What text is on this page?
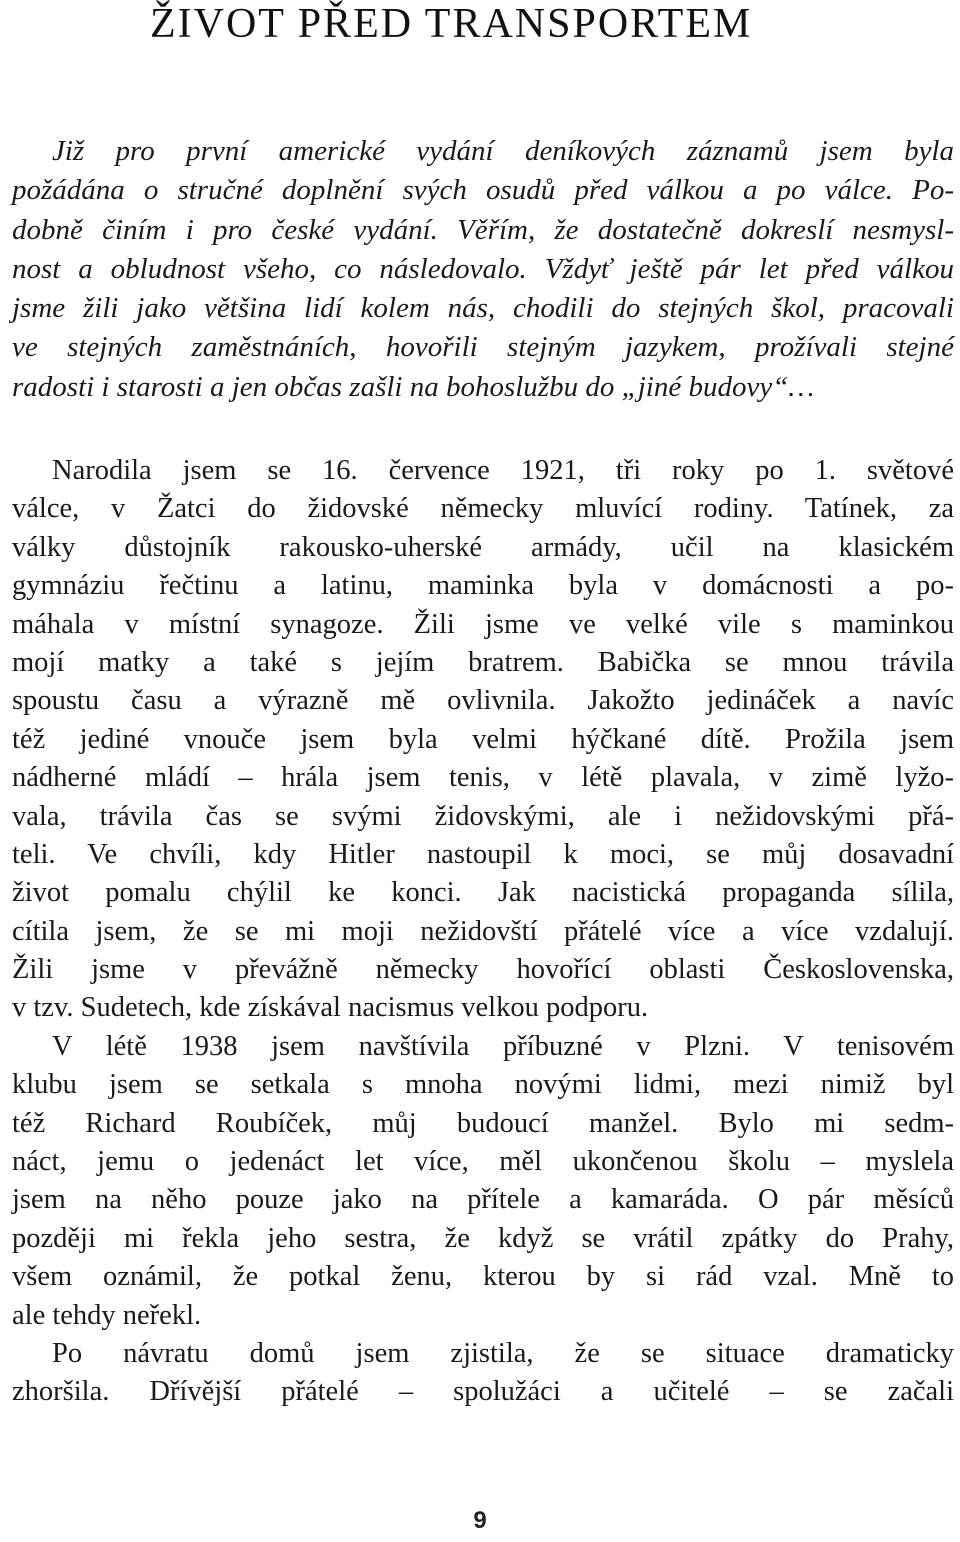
ŽIVOT PŘED TRANSPORTEM
Již pro první americké vydání deníkových záznamů jsem byla
požádána o stručné doplnění svých osudů před válkou a po válce. Po-
dobně činím i pro české vydání. Věřím, že dostatečně dokreslí nesmysl-
nost a obludnost všeho, co následovalo. Vždyť ještě pár let před válkou
jsme žili jako většina lidí kolem nás, chodili do stejných škol, pracovali
ve stejných zaměstnáních, hovořili stejným jazykem, prožívali stejné
radosti i starosti a jen občas zašli na bohoslužbu do „jiné budovy“…
Narodila jsem se 16. července 1921, tři roky po 1. světové
válce, v Žatci do židovské německy mluvící rodiny. Tatínek, za
války důstojník rakousko-uherské armády, učil na klasickém
gymnáziu řečtinu a latinu, maminka byla v domácnosti a po-
máhala v místní synagoze. Žili jsme ve velké vile s maminkou
mojí matky a také s jejím bratrem. Babička se mnou trávila
spoustu času a výrazně mě ovlivnila. Jakožto jedináček a navíc
též jediné vnouče jsem byla velmi hýčkané dítě. Prožila jsem
nádherné mládí – hrála jsem tenis, v létě plavala, v zimě lyžo-
vala, trávila čas se svými židovskými, ale i nežidovskými přá-
teli. Ve chvíli, kdy Hitler nastoupil k moci, se můj dosavadní
život pomalu chýlil ke konci. Jak nacistická propaganda sílila,
cítila jsem, že se mi moji nežidovští přátelé více a více vzdalují.
Žili jsme v převážně německy hovořící oblasti Československa,
v tzv. Sudetech, kde získával nacismus velkou podporu.
V létě 1938 jsem navštívila příbuzné v Plzni. V tenisovém
klubu jsem se setkala s mnoha novými lidmi, mezi nimiž byl
též Richard Roubíček, můj budoucí manžel. Bylo mi sedm-
náct, jemu o jedenáct let více, měl ukončenou školu – myslela
jsem na něho pouze jako na přítele a kamaráda. O pár měsíců
později mi řekla jeho sestra, že když se vrátil zpátky do Prahy,
všem oznámil, že potkal ženu, kterou by si rád vzal. Mně to
ale tehdy neřekl.
Po návratu domů jsem zjistila, že se situace dramaticky
zhoršila. Dřívější přátelé – spolužáci a učitelé – se začali
9
